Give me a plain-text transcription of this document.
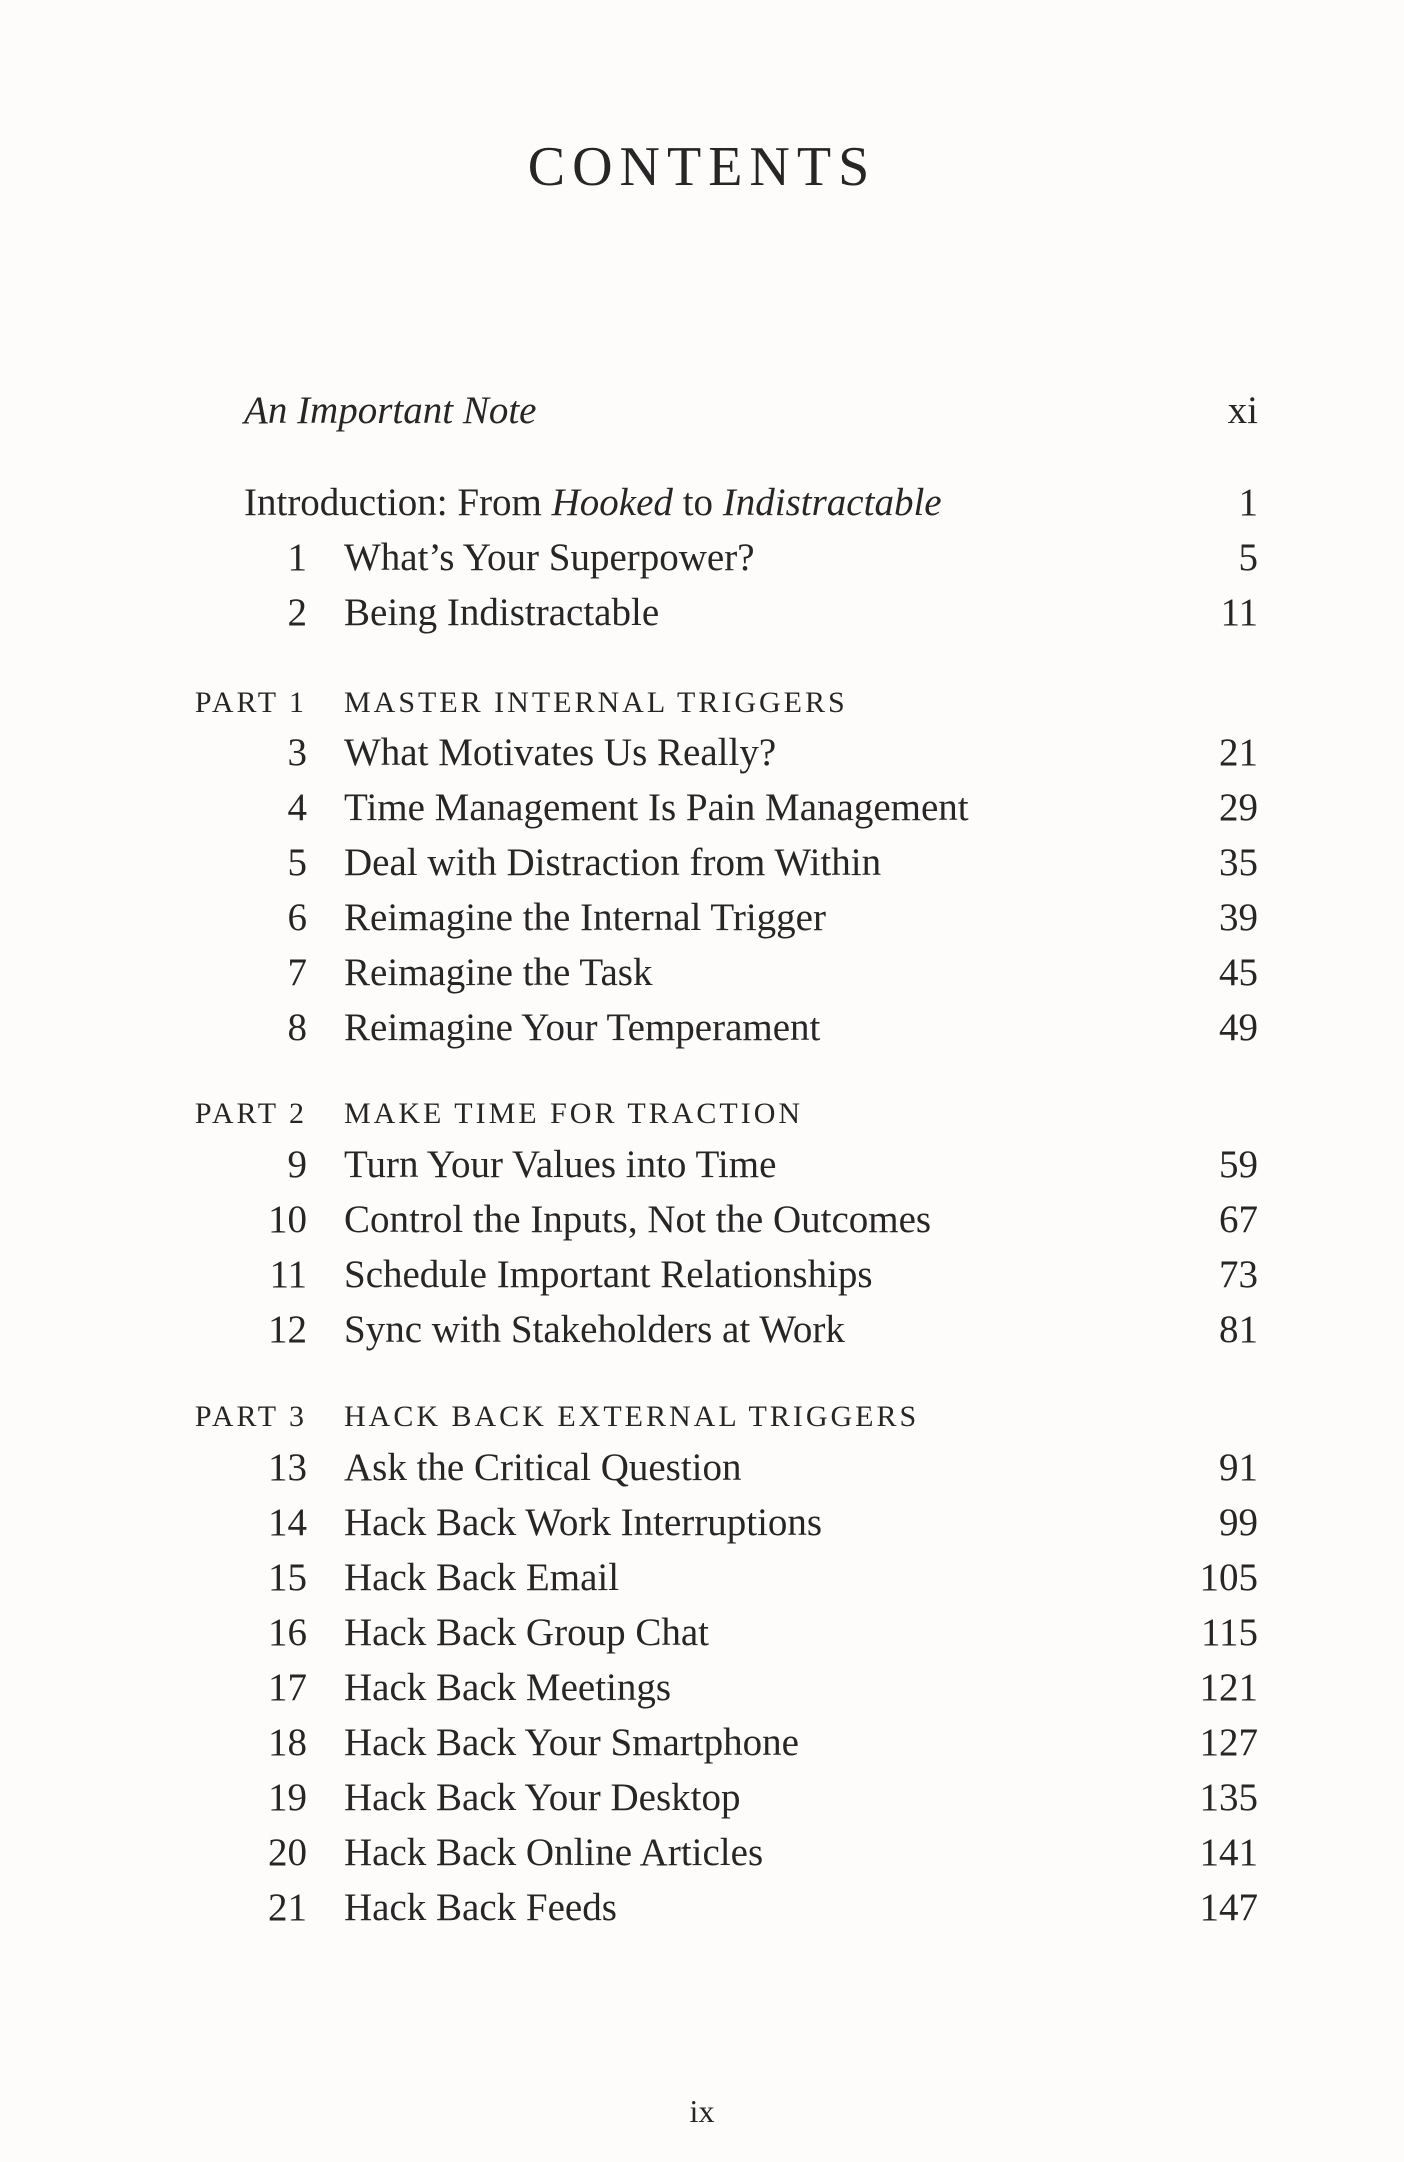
CONTENTS
An Important Note	xi
Introduction: From Hooked to Indistractable	1
1 What’s Your Superpower?	5
2 Being Indistractable	11
PART 1 MASTER INTERNAL TRIGGERS
3 What Motivates Us Really?	21
4 Time Management Is Pain Management	29
5 Deal with Distraction from Within	35
6 Reimagine the Internal Trigger	39
7 Reimagine the Task	45
8 Reimagine Your Temperament	49
PART 2 MAKE TIME FOR TRACTION
9 Turn Your Values into Time	59
10 Control the Inputs, Not the Outcomes	67
11 Schedule Important Relationships	73
12 Sync with Stakeholders at Work	81
PART 3 HACK BACK EXTERNAL TRIGGERS
13 Ask the Critical Question	91
14 Hack Back Work Interruptions	99
15 Hack Back Email	105
16 Hack Back Group Chat	115
17 Hack Back Meetings	121
18 Hack Back Your Smartphone	127
19 Hack Back Your Desktop	135
20 Hack Back Online Articles	141
21 Hack Back Feeds	147
ix
